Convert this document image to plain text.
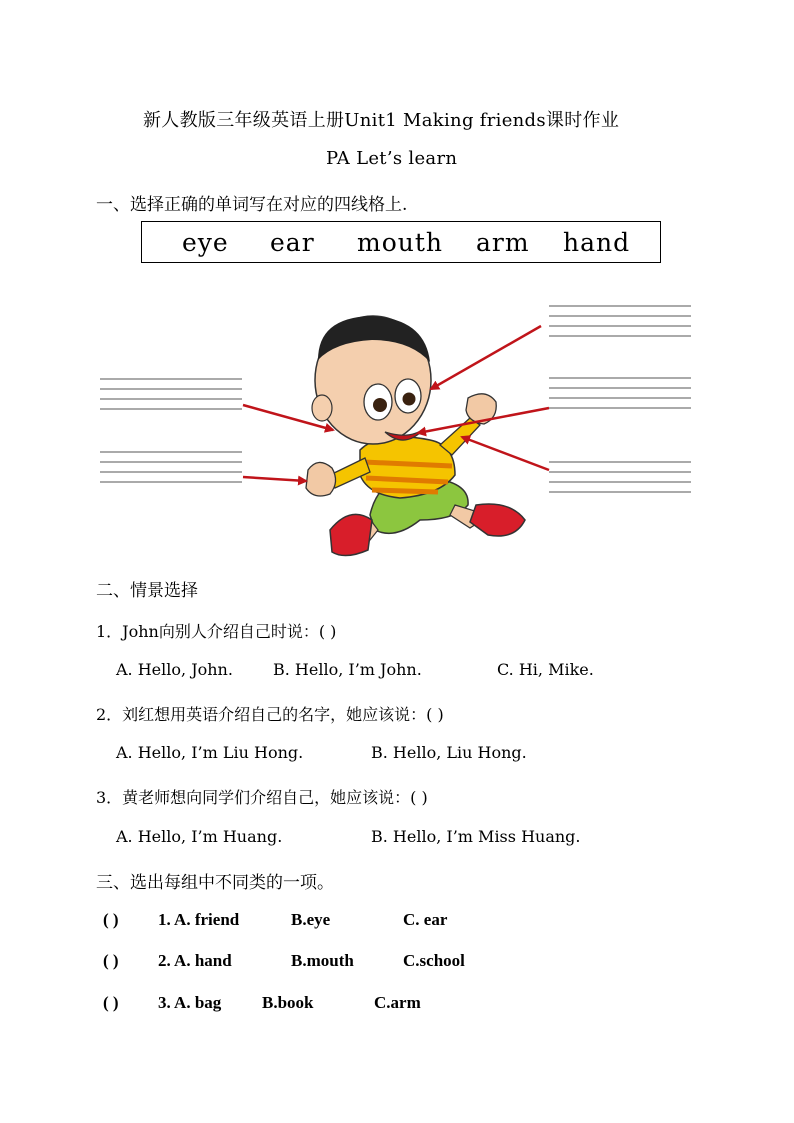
新人教版三年级英语上册Unit1 Making friends课时作业
PA Let’s learn
一、选择正确的单词写在对应的四线格上.
eye ear mouth arm hand
二、情景选择
1．John向别人介绍自己时说：( )
A. Hello, John.	B. Hello, I’m John.	C. Hi, Mike.
2．刘红想用英语介绍自己的名字，她应该说：( )
A. Hello, I’m Liu Hong.	B. Hello, Liu Hong.
3．黄老师想向同学们介绍自己，她应该说：( )
A. Hello, I’m Huang.	B. Hello, I’m Miss Huang.
三、选出每组中不同类的一项。
( ) 1. A. friend	B.eye	C. ear
( ) 2. A. hand	B.mouth	C.school
( ) 3. A. bag B.book	C.arm
